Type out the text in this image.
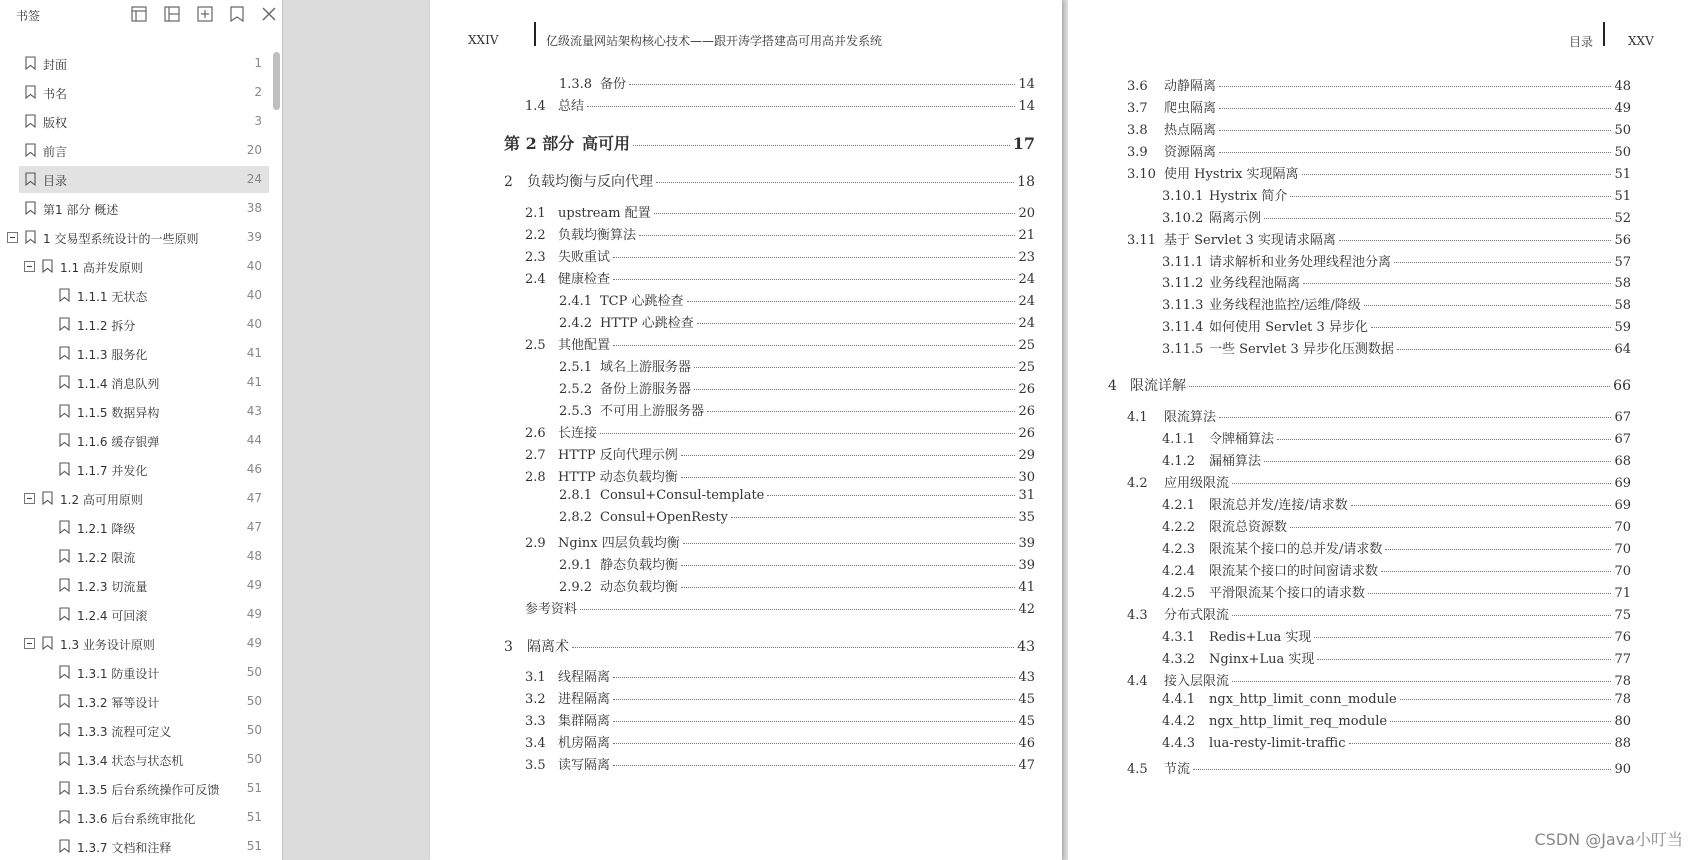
书签
封面	1
书名	2
版权	3
前言	20
目录	24
第1 部分 概述	38
1 交易型系统设计的一些原则	39
1.1 高并发原则	40
1.1.1 无状态	40
1.1.2 拆分	40
1.1.3 服务化	41
1.1.4 消息队列	41
1.1.5 数据异构	43
1.1.6 缓存银弹	44
1.1.7 并发化	46
1.2 高可用原则	47
1.2.1 降级	47
1.2.2 限流	48
1.2.3 切流量	49
1.2.4 可回滚	49
1.3 业务设计原则	49
1.3.1 防重设计	50
1.3.2 幂等设计	50
1.3.3 流程可定义	50
1.3.4 状态与状态机	50
1.3.5 后台系统操作可反馈 51
1.3.6 后台系统审批化	51
1.3.7 文档和注释	51
XXIV	亿级流量网站架构核心技术——跟开涛学搭建高可用高并发系统
1.3.8 备份	14
1.4 总结	14
第 2 部分 高可用	17
2	负载均衡与反向代理	18
2.1 upstream 配置	20
2.2 负载均衡算法	21
2.3 失败重试	23
2.4 健康检查	24
2.4.1 TCP 心跳检查	24
2.4.2 HTTP 心跳检查	24
2.5 其他配置	25
2.5.1 域名上游服务器	25
2.5.2 备份上游服务器	26
2.5.3 不可用上游服务器	26
2.6 长连接	26
2.7 HTTP 反向代理示例	29
2.8 HTTP 动态负载均衡	30
2.8.1 Consul+Consul-template	31
2.8.2 Consul+OpenResty	35
2.9 Nginx 四层负载均衡	39
2.9.1 静态负载均衡	39
2.9.2 动态负载均衡	41
参考资料	42
3	隔离术	43
3.1 线程隔离	43
3.2 进程隔离	45
3.3 集群隔离	45
3.4 机房隔离	46
3.5 读写隔离	47
目录	XXV
3.6	动静隔离	48
3.7	爬虫隔离	49
3.8	热点隔离	50
3.9	资源隔离	50
3.10 使用 Hystrix 实现隔离	51
3.10.1 Hystrix 简介	51
3.10.2 隔离示例	52
3.11 基于 Servlet 3 实现请求隔离	56
3.11.1 请求解析和业务处理线程池分离	57
3.11.2 业务线程池隔离	58
3.11.3 业务线程池监控/运维/降级	58
3.11.4 如何使用 Servlet 3 异步化	59
3.11.5 一些 Servlet 3 异步化压测数据	64
4 限流详解	66
4.1	限流算法	67
4.1.1	令牌桶算法	67
4.1.2	漏桶算法	68
4.2	应用级限流	69
4.2.1	限流总并发/连接/请求数	69
4.2.2	限流总资源数	70
4.2.3	限流某个接口的总并发/请求数	70
4.2.4	限流某个接口的时间窗请求数	70
4.2.5	平滑限流某个接口的请求数	71
4.3	分布式限流	75
4.3.1	Redis+Lua 实现	76
4.3.2	Nginx+Lua 实现	77
4.4	接入层限流	78
4.4.1	ngx_http_limit_conn_module	78
4.4.2	ngx_http_limit_req_module	80
4.4.3	lua-resty-limit-traffic	88
4.5	节流	90
CSDN @Java小叮当
